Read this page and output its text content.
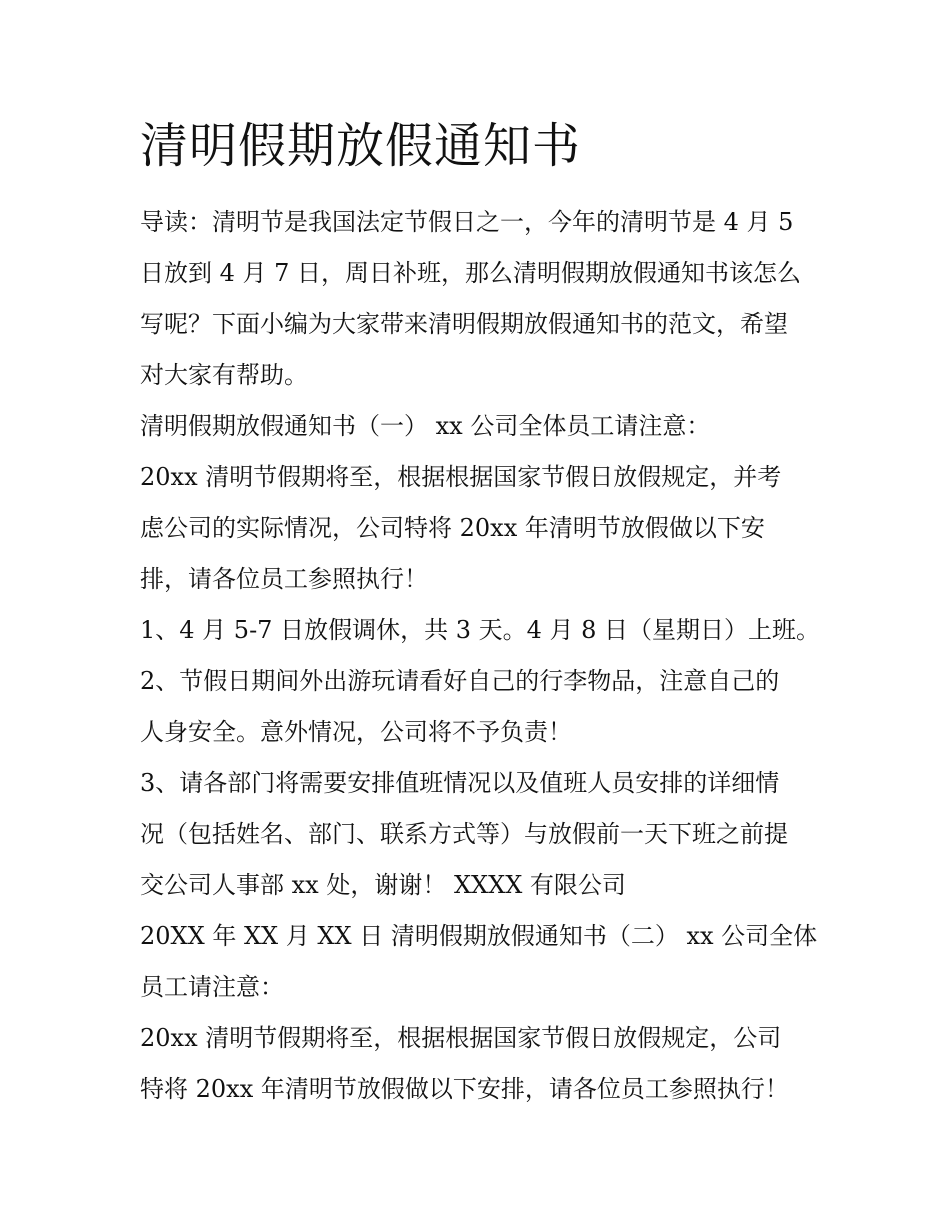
清明假期放假通知书

导读：清明节是我国法定节假日之一，今年的清明节是 4 月 5

日放到 4 月 7 日，周日补班，那么清明假期放假通知书该怎么

写呢？下面小编为大家带来清明假期放假通知书的范文，希望

对大家有帮助。

清明假期放假通知书（一） xx 公司全体员工请注意：

20xx 清明节假期将至，根据根据国家节假日放假规定，并考

虑公司的实际情况，公司特将 20xx 年清明节放假做以下安

排，请各位员工参照执行！

1、4 月 5-7 日放假调休，共 3 天。4 月 8 日（星期日）上班。

2、节假日期间外出游玩请看好自己的行李物品，注意自己的

人身安全。意外情况，公司将不予负责！

3、请各部门将需要安排值班情况以及值班人员安排的详细情

况（包括姓名、部门、联系方式等）与放假前一天下班之前提

交公司人事部 xx 处，谢谢！ XXXX 有限公司

20XX 年 XX 月 XX 日 清明假期放假通知书（二） xx 公司全体

员工请注意：

20xx 清明节假期将至，根据根据国家节假日放假规定，公司

特将 20xx 年清明节放假做以下安排，请各位员工参照执行！
